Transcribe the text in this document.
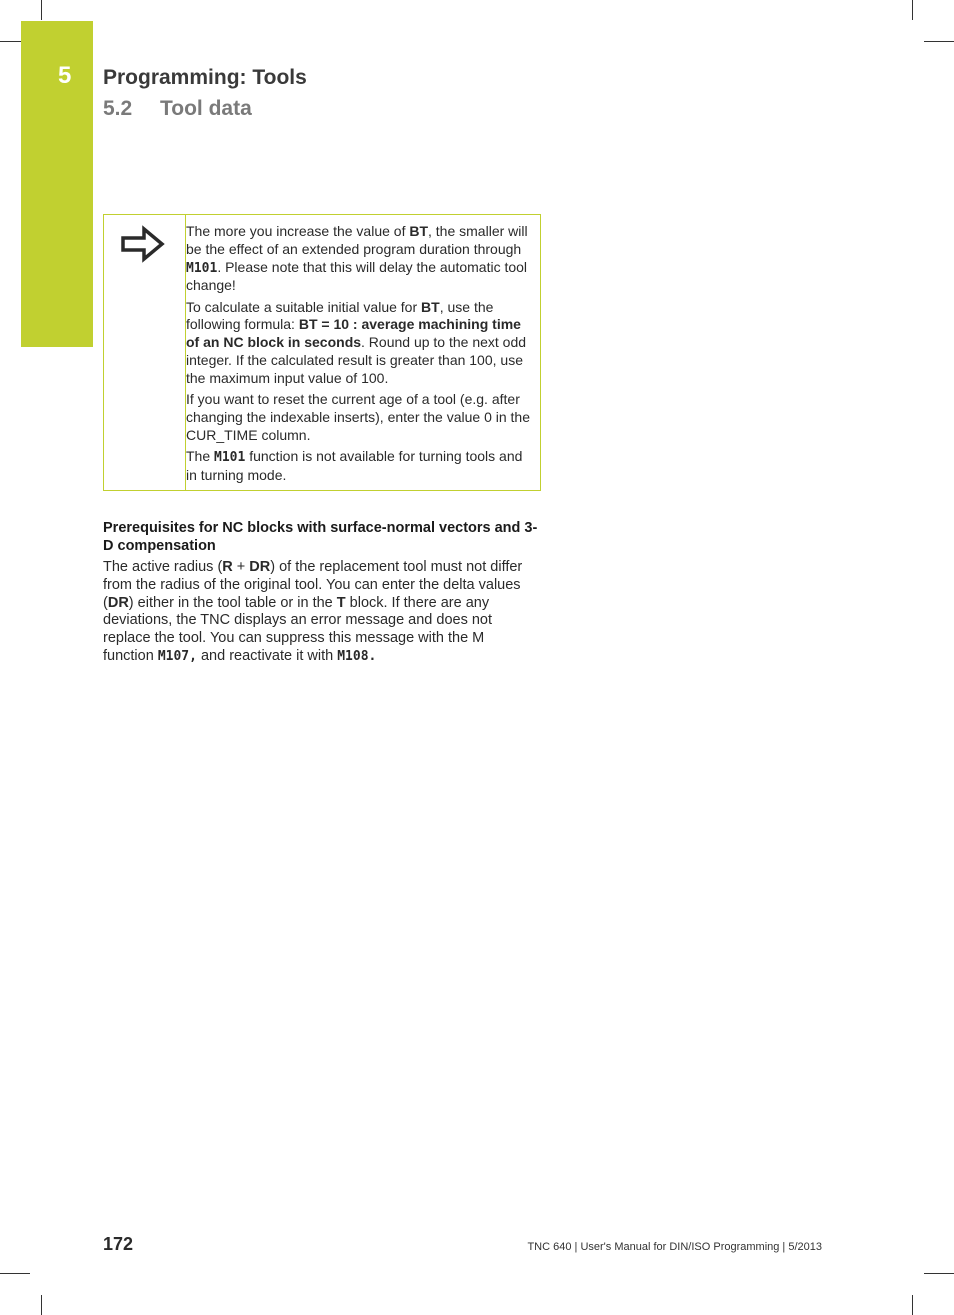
5 Programming: Tools
5.2 Tool data

The more you increase the value of BT, the smaller will be the effect of an extended program duration through M101. Please note that this will delay the automatic tool change!

To calculate a suitable initial value for BT, use the following formula: BT = 10 : average machining time of an NC block in seconds. Round up to the next odd integer. If the calculated result is greater than 100, use the maximum input value of 100.

If you want to reset the current age of a tool (e.g. after changing the indexable inserts), enter the value 0 in the CUR_TIME column.

The M101 function is not available for turning tools and in turning mode.

Prerequisites for NC blocks with surface-normal vectors and 3-D compensation

The active radius (R + DR) of the replacement tool must not differ from the radius of the original tool. You can enter the delta values (DR) either in the tool table or in the T block. If there are any deviations, the TNC displays an error message and does not replace the tool. You can suppress this message with the M function M107, and reactivate it with M108.

172	TNC 640 | User's Manual for DIN/ISO Programming | 5/2013
